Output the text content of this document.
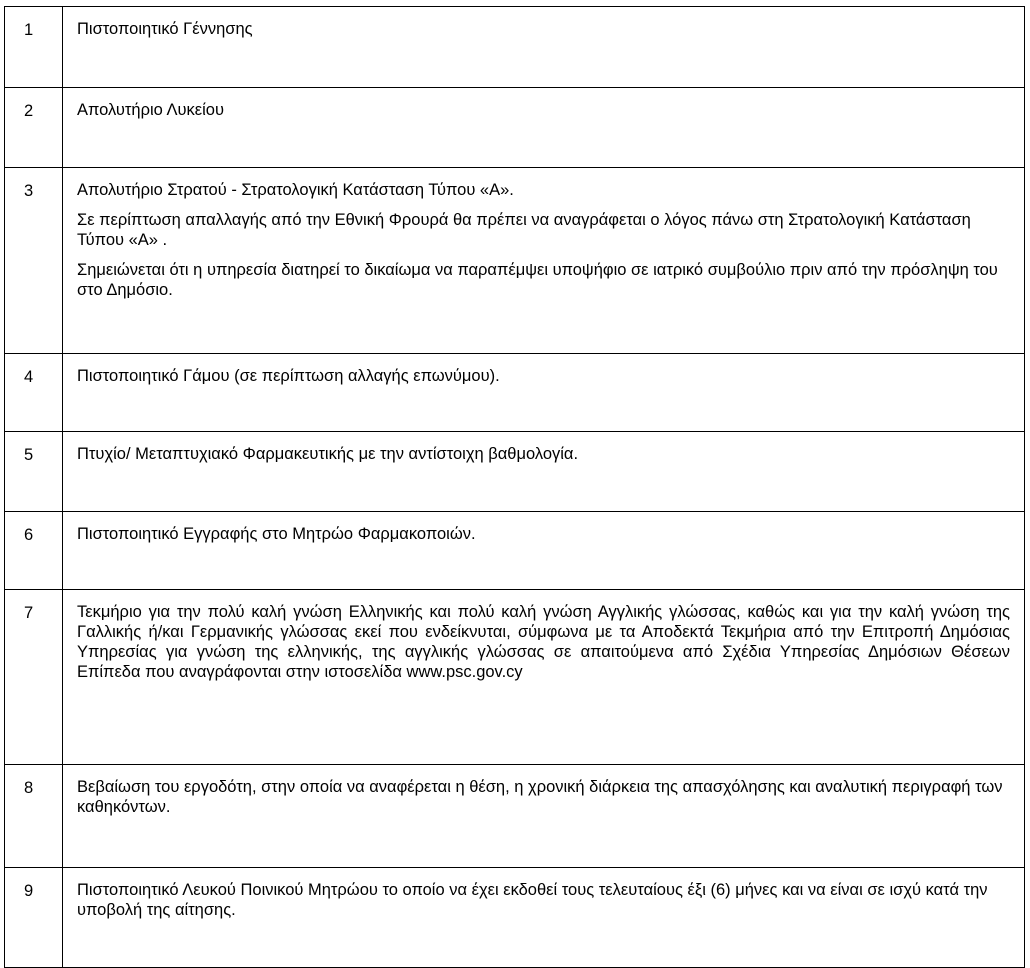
1	Πιστοποιητικό Γέννησης

2	Απολυτήριο Λυκείου

3	Απολυτήριο Στρατού - Στρατολογική Κατάσταση Τύπου «Α».

Σε περίπτωση απαλλαγής από την Εθνική Φρουρά θα πρέπει να αναγράφεται ο λόγος πάνω στη Στρατολογική Κατάσταση Τύπου «Α» .

Σημειώνεται ότι η υπηρεσία διατηρεί το δικαίωμα να παραπέμψει υποψήφιο σε ιατρικό συμβούλιο πριν από την πρόσληψη του στο Δημόσιο.

4	Πιστοποιητικό Γάμου (σε περίπτωση αλλαγής επωνύμου).

5	Πτυχίο/ Μεταπτυχιακό Φαρμακευτικής με την αντίστοιχη βαθμολογία.

6	Πιστοποιητικό Εγγραφής στο Μητρώο Φαρμακοποιών.

7	Τεκμήριο για την πολύ καλή γνώση Ελληνικής και πολύ καλή γνώση Αγγλικής γλώσσας, καθώς και για την καλή γνώση της Γαλλικής ή/και Γερμανικής γλώσσας εκεί που ενδείκνυται, σύμφωνα με τα Αποδεκτά Τεκμήρια από την Επιτροπή Δημόσιας Υπηρεσίας για γνώση της ελληνικής, της αγγλικής γλώσσας σε απαιτούμενα από Σχέδια Υπηρεσίας Δημόσιων Θέσεων Επίπεδα που αναγράφονται στην ιστοσελίδα www.psc.gov.cy

8	Βεβαίωση του εργοδότη, στην οποία να αναφέρεται η θέση, η χρονική διάρκεια της απασχόλησης και αναλυτική περιγραφή των καθηκόντων.

9	Πιστοποιητικό Λευκού Ποινικού Μητρώου το οποίο να έχει εκδοθεί τους τελευταίους έξι (6) μήνες και να είναι σε ισχύ κατά την υποβολή της αίτησης.
